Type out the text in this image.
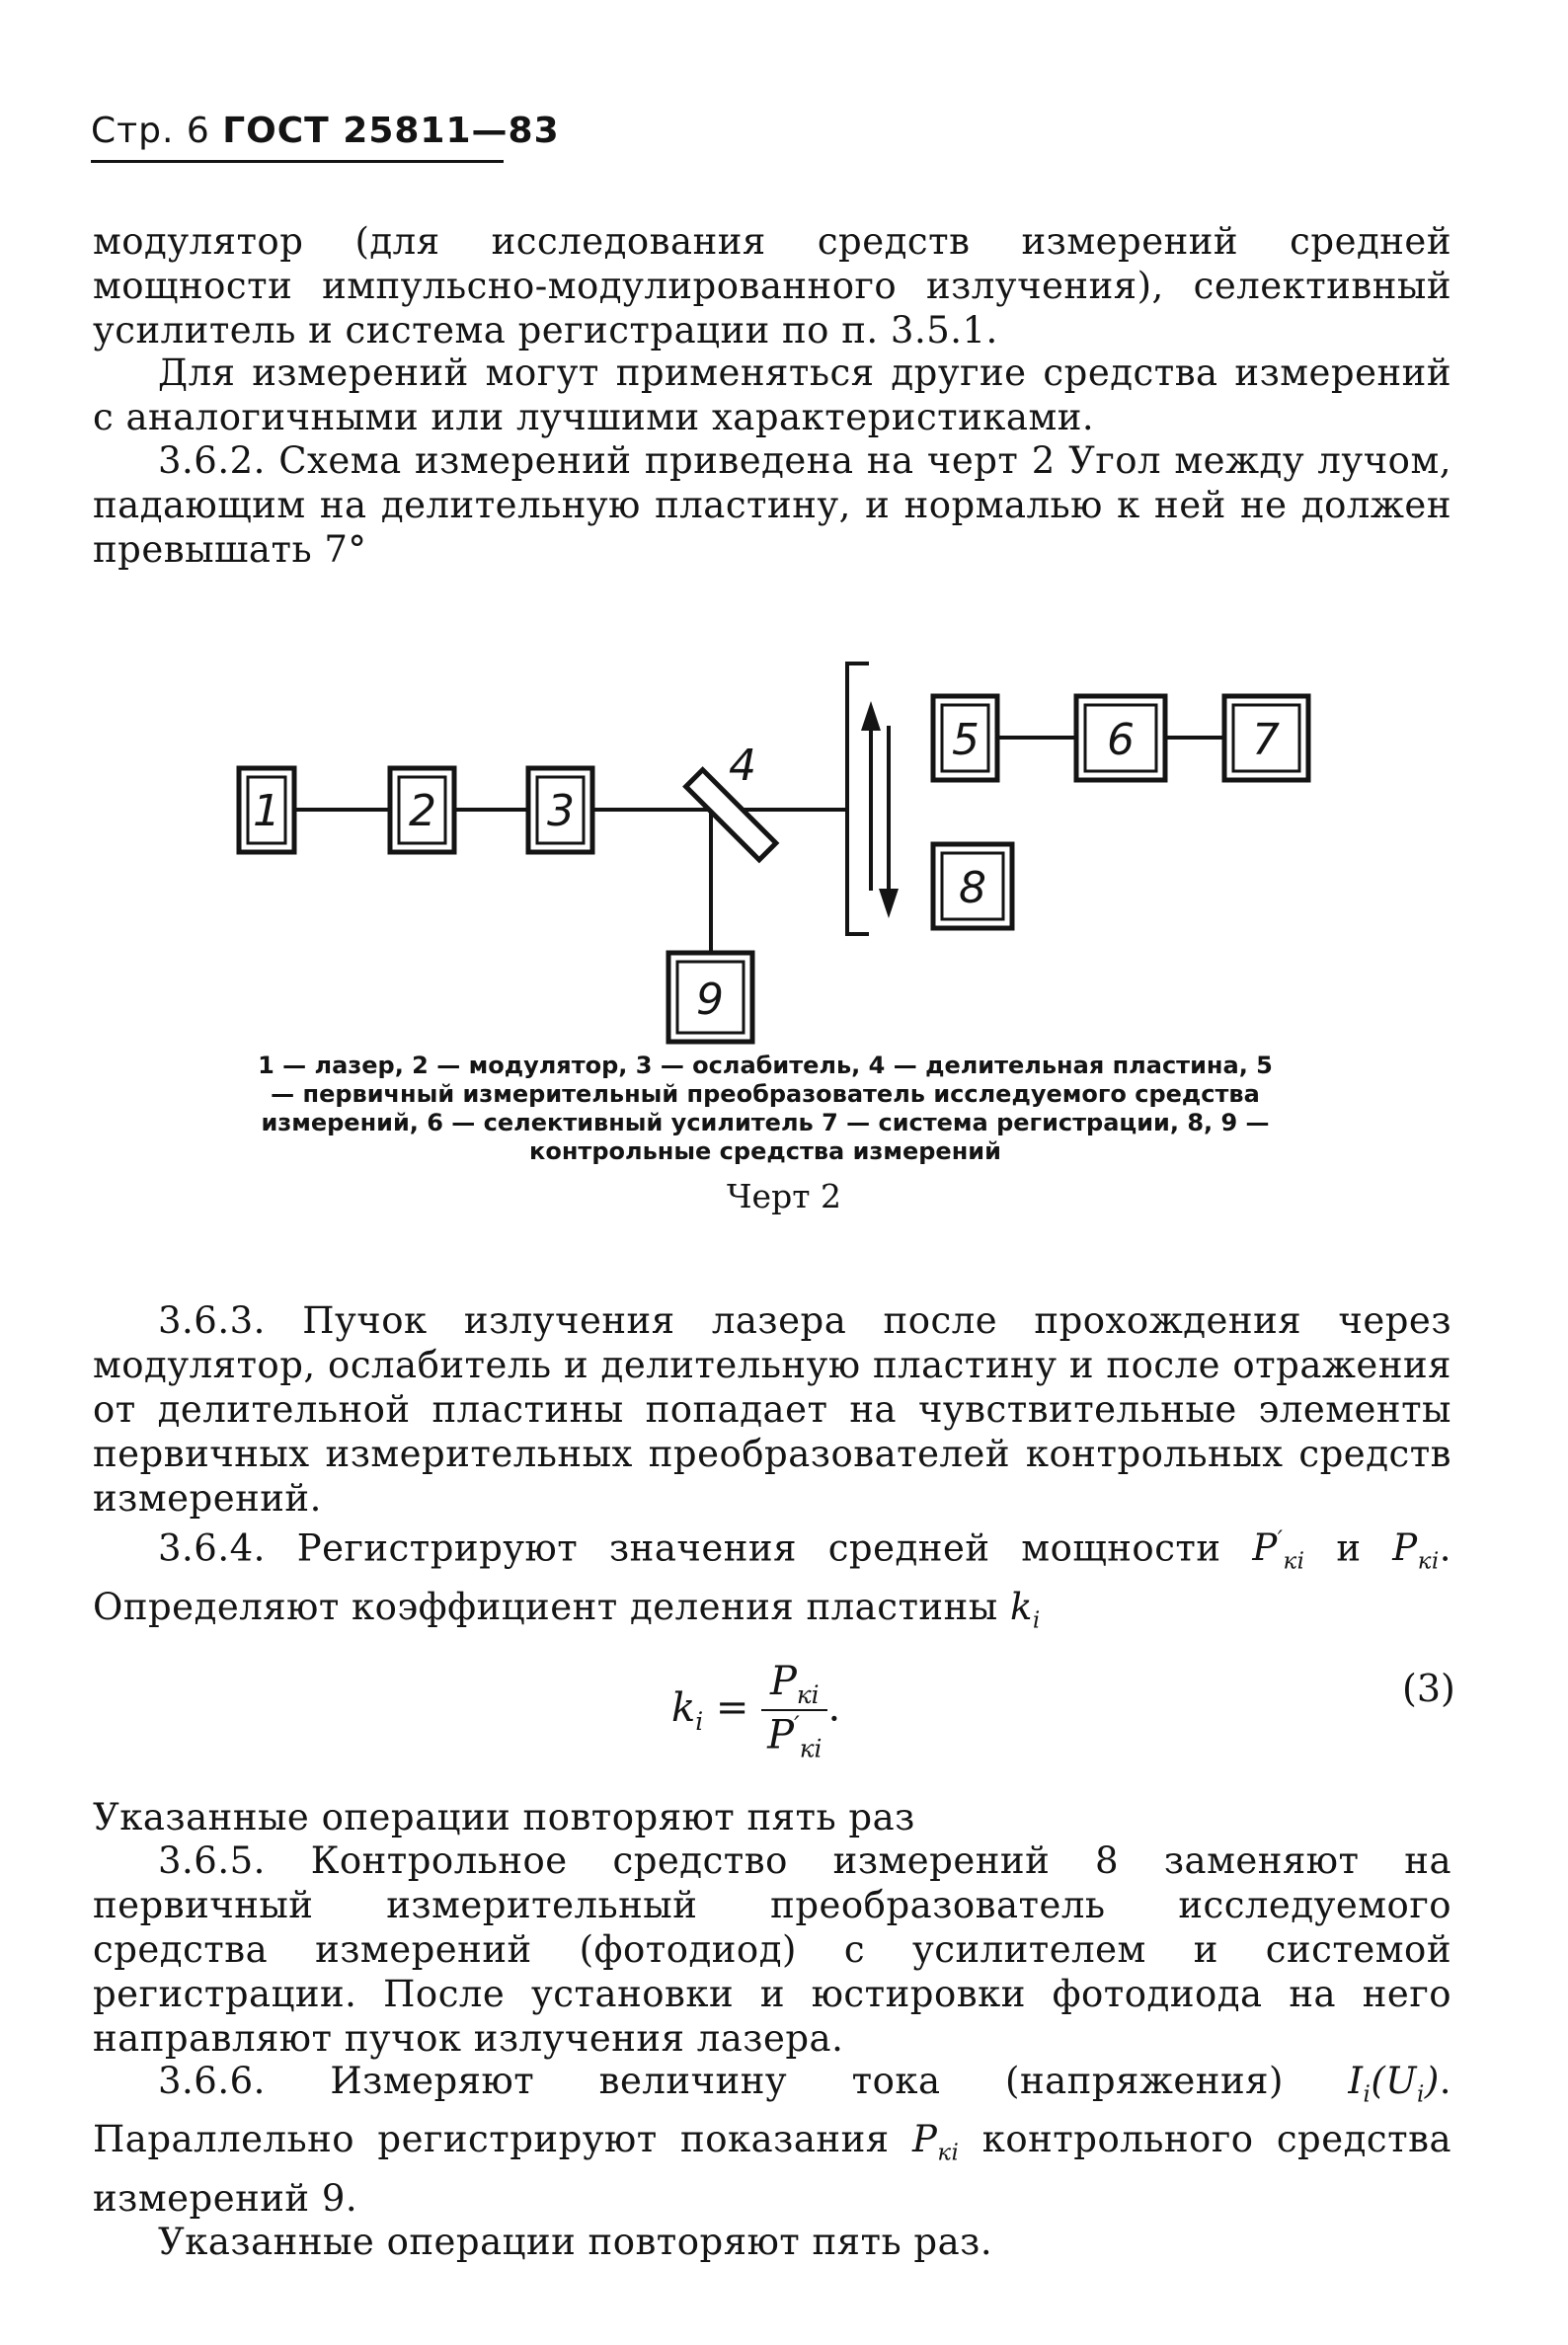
Стр. 6 ГОСТ 25811—83

модулятор (для исследования средств измерений средней мощности импульсно-модулированного излучения), селективный усилитель и система регистрации по п. 3.5.1.

Для измерений могут применяться другие средства измерений с аналогичными или лучшими характеристиками.

3.6.2. Схема измерений приведена на черт 2 Угол между лучом, падающим на делительную пластину, и нормалью к ней не должен превышать 7°

1	2	3
4
5	6	7
8
9

1 — лазер, 2 — модулятор, 3 — ослабитель, 4 — делительная пластина, 5 — первичный измерительный преобразователь исследуемого средства измерений, 6 — селективный усилитель 7 — система регистрации, 8, 9 — контрольные средства измерений

Черт 2

3.6.3. Пучок излучения лазера после прохождения через модулятор, ослабитель и делительную пластину и после отражения от делительной пластины попадает на чувствительные элементы первичных измерительных преобразователей контрольных средств измерений.

3.6.4. Регистрируют значения средней мощности $P'_{кi}$ и $P_{кi}$. Определяют коэффициент деления пластины $k_i$

$k_i$ =
$P_{кi}$
$P'_{кi}$
.	(3)

Указанные операции повторяют пять раз

3.6.5. Контрольное средство измерений 8 заменяют на первичный измерительный преобразователь исследуемого средства измерений (фотодиод) с усилителем и системой регистрации. После установки и юстировки фотодиода на него направляют пучок излучения лазера.

3.6.6. Измеряют величину тока (напряжения) $I_i(U_i)$. Параллельно регистрируют показания $P_{кi}$ контрольного средства измерений 9.

Указанные операции повторяют пять раз.
